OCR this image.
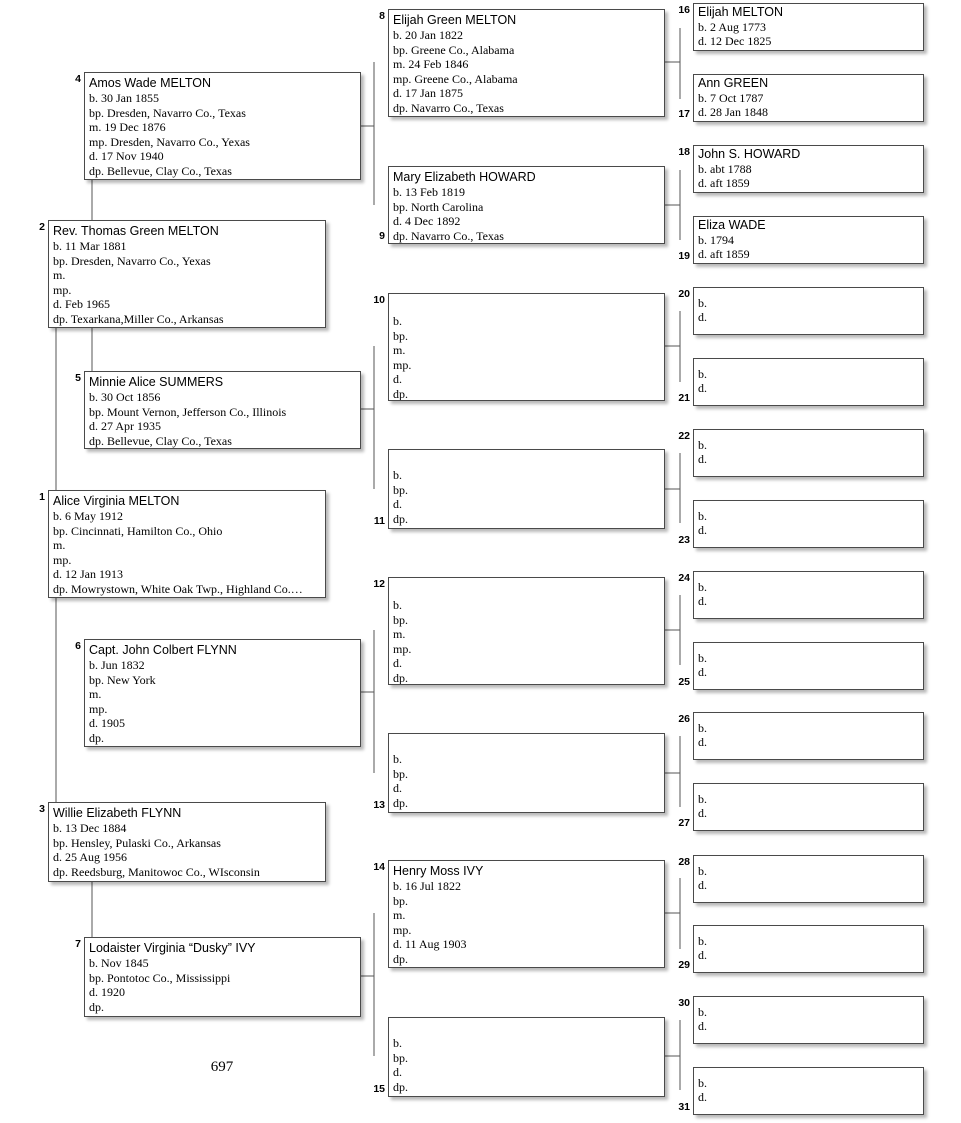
Alice Virginia MELTON
b. 6 May 1912
bp. Cincinnati, Hamilton Co., Ohio
m.
mp.
d. 12 Jan 1913
dp. Mowrystown, White Oak Twp., Highland Co.…
1
Rev. Thomas Green MELTON
b. 11 Mar 1881
bp. Dresden, Navarro Co., Yexas
m.
mp.
d. Feb 1965
dp. Texarkana,Miller Co., Arkansas
2
Willie Elizabeth FLYNN
b. 13 Dec 1884
bp. Hensley, Pulaski Co., Arkansas
d. 25 Aug 1956
dp. Reedsburg, Manitowoc Co., WIsconsin
3
Amos Wade MELTON
b. 30 Jan 1855
bp. Dresden, Navarro Co., Texas
m. 19 Dec 1876
mp. Dresden, Navarro Co., Yexas
d. 17 Nov 1940
dp. Bellevue, Clay Co., Texas
4
Minnie Alice SUMMERS
b. 30 Oct 1856
bp. Mount Vernon, Jefferson Co., Illinois
d. 27 Apr 1935
dp. Bellevue, Clay Co., Texas
5
Capt. John Colbert FLYNN
b. Jun 1832
bp. New York
m.
mp.
d. 1905
dp.
6
Lodaister Virginia “Dusky” IVY
b. Nov 1845
bp. Pontotoc Co., Mississippi
d. 1920
dp.
7
Elijah Green MELTON
b. 20 Jan 1822
bp. Greene Co., Alabama
m. 24 Feb 1846
mp. Greene Co., Alabama
d. 17 Jan 1875
dp. Navarro Co., Texas
8
Mary Elizabeth HOWARD
b. 13 Feb 1819
bp. North Carolina
d. 4 Dec 1892
dp. Navarro Co., Texas
9
b.
bp.
m.
mp.
d.
dp.
10
b.
bp.
d.
dp.
11
b.
bp.
m.
mp.
d.
dp.
12
b.
bp.
d.
dp.
13
Henry Moss IVY
b. 16 Jul 1822
bp.
m.
mp.
d. 11 Aug 1903
dp.
14
b.
bp.
d.
dp.
15
Elijah MELTON
b. 2 Aug 1773
d. 12 Dec 1825
16
Ann GREEN
b. 7 Oct 1787
d. 28 Jan 1848
17
John S. HOWARD
b. abt 1788
d. aft 1859
18
Eliza WADE
b. 1794
d. aft 1859
19
b.
d.
20
b.
d.
21
b.
d.
22
b.
d.
23
b.
d.
24
b.
d.
25
b.
d.
26
b.
d.
27
b.
d.
28
b.
d.
29
b.
d.
30
b.
d.
31
697
